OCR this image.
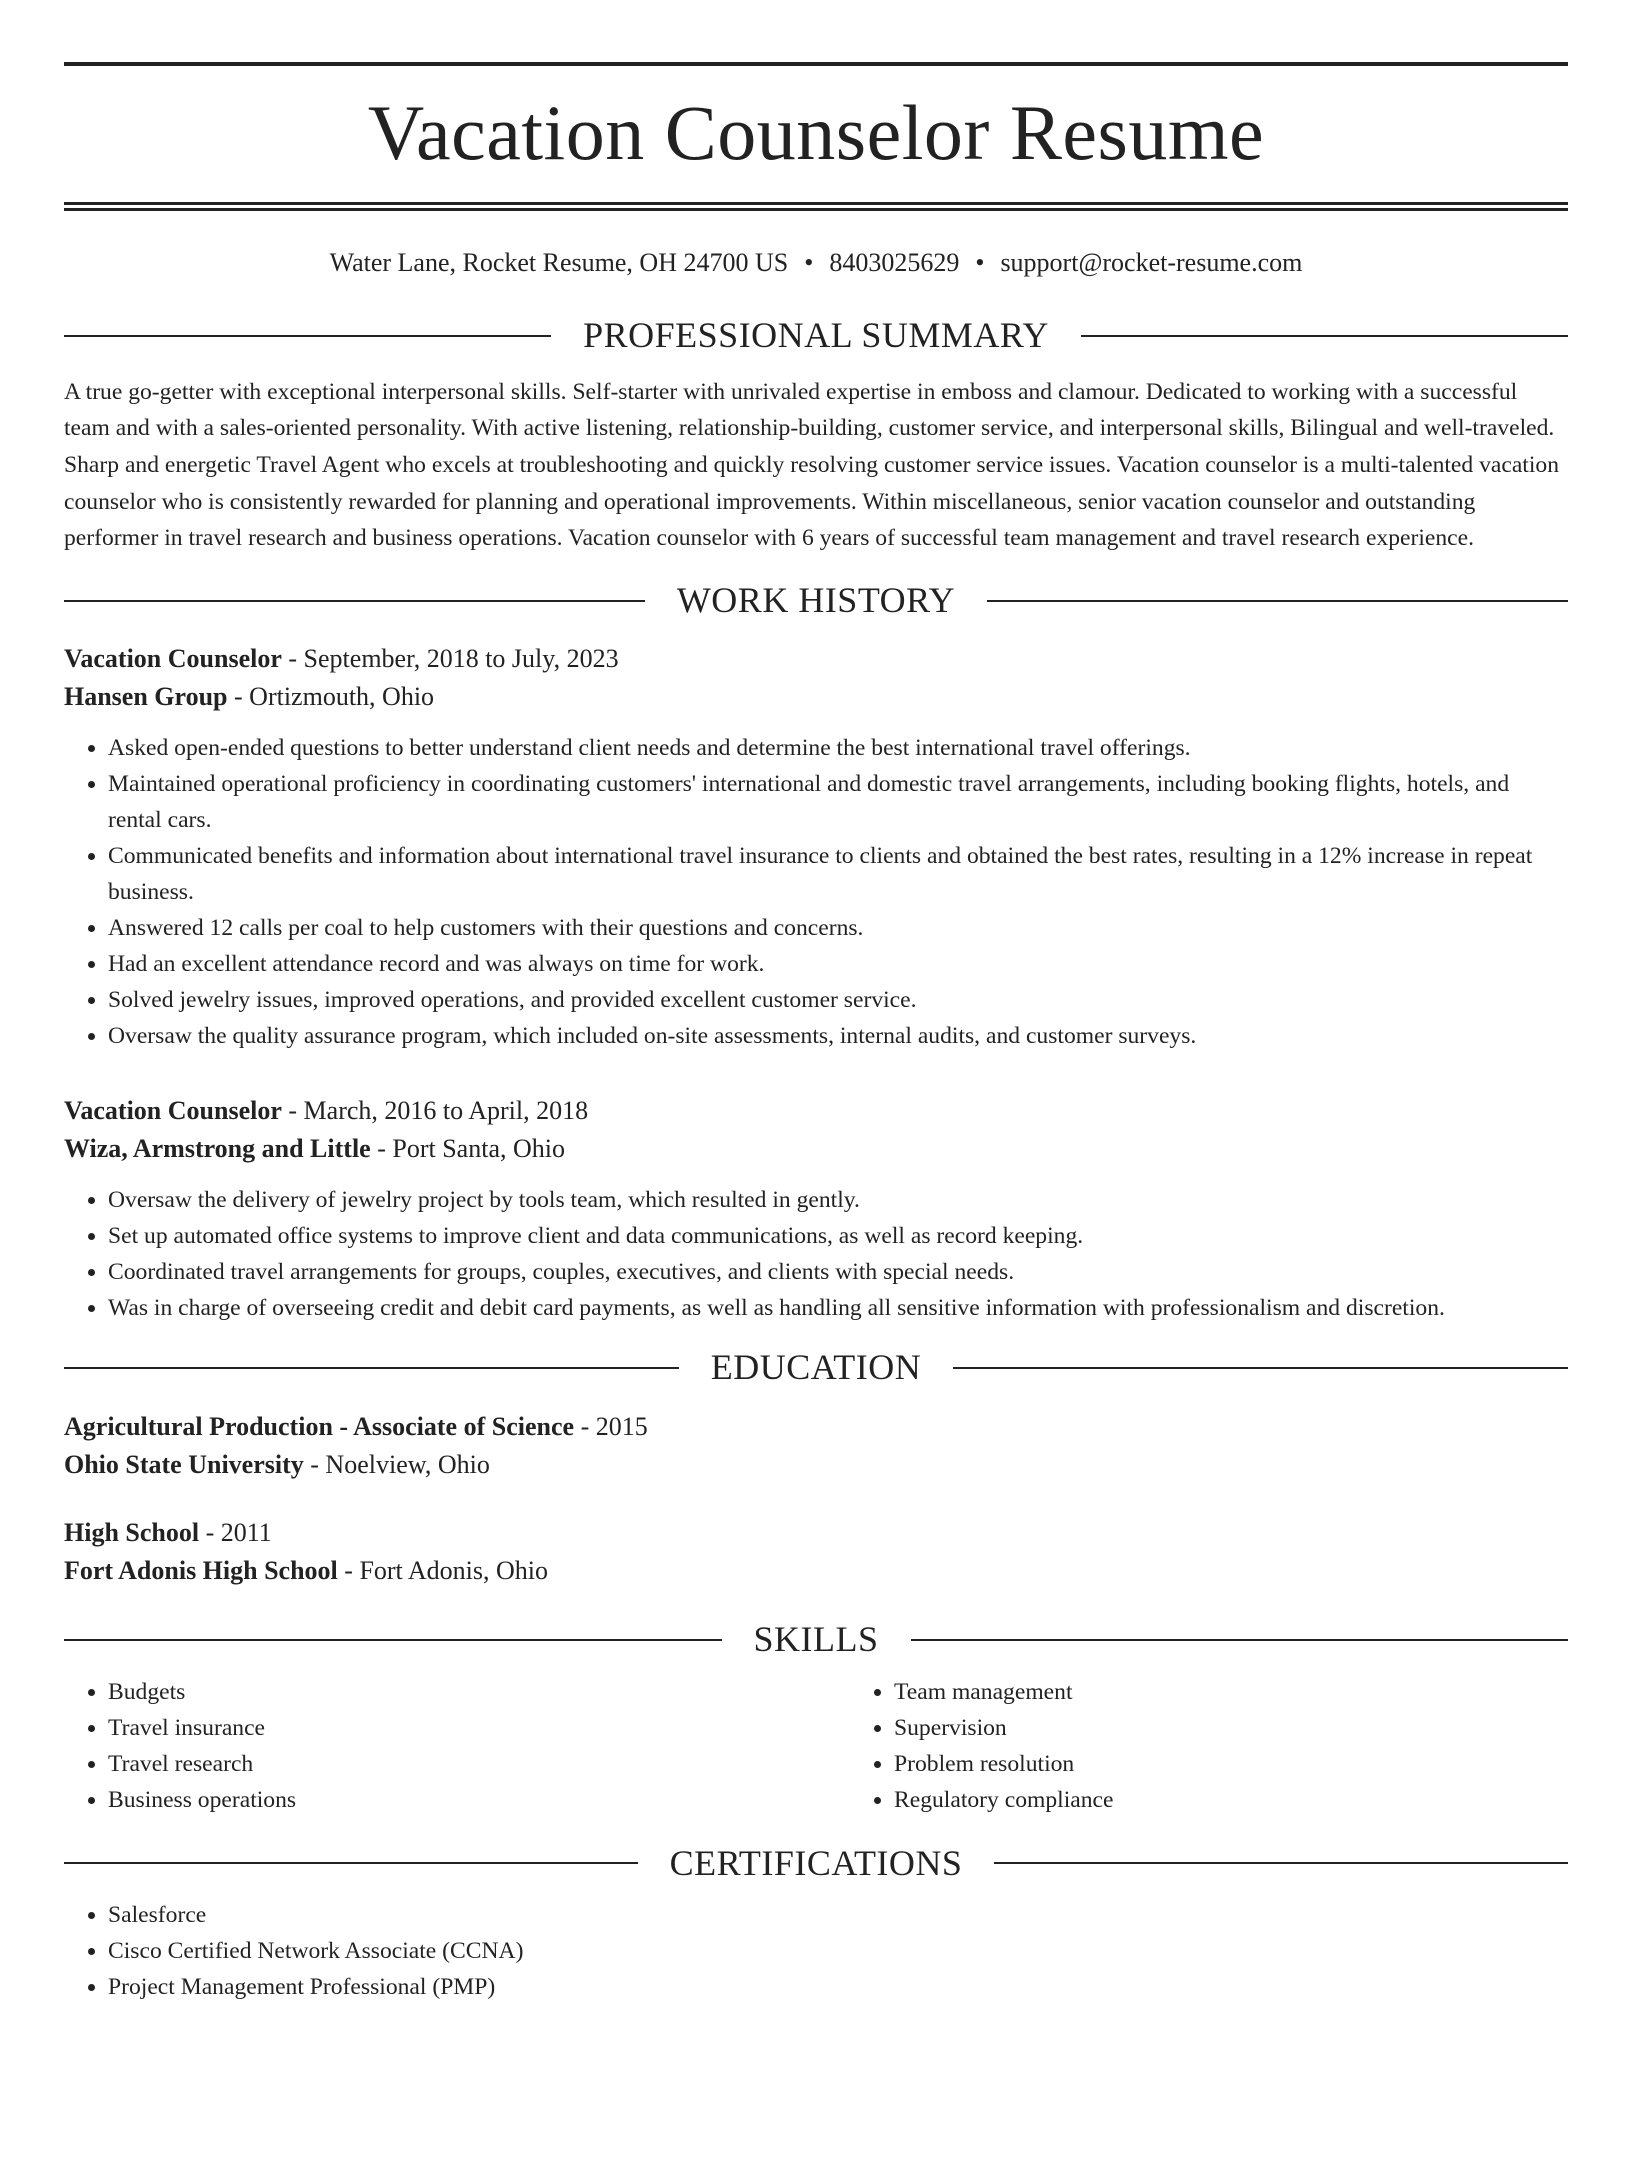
Vacation Counselor Resume
Water Lane, Rocket Resume, OH 24700 US • 8403025629 • support@rocket-resume.com
PROFESSIONAL SUMMARY

A true go-getter with exceptional interpersonal skills. Self-starter with unrivaled expertise in emboss and clamour. Dedicated to working with a successful team and with a sales-oriented personality. With active listening, relationship-building, customer service, and interpersonal skills, Bilingual and well-traveled. Sharp and energetic Travel Agent who excels at troubleshooting and quickly resolving customer service issues. Vacation counselor is a multi-talented vacation counselor who is consistently rewarded for planning and operational improvements. Within miscellaneous, senior vacation counselor and outstanding performer in travel research and business operations. Vacation counselor with 6 years of successful team management and travel research experience.

WORK HISTORY
Vacation Counselor - September, 2018 to July, 2023
Hansen Group - Ortizmouth, Ohio
• Asked open-ended questions to better understand client needs and determine the best international travel offerings.
• Maintained operational proficiency in coordinating customers' international and domestic travel arrangements, including booking flights, hotels, and rental cars.
• Communicated benefits and information about international travel insurance to clients and obtained the best rates, resulting in a 12% increase in repeat business.
• Answered 12 calls per coal to help customers with their questions and concerns.
• Had an excellent attendance record and was always on time for work.
• Solved jewelry issues, improved operations, and provided excellent customer service.
• Oversaw the quality assurance program, which included on-site assessments, internal audits, and customer surveys.
Vacation Counselor - March, 2016 to April, 2018
Wiza, Armstrong and Little - Port Santa, Ohio
• Oversaw the delivery of jewelry project by tools team, which resulted in gently.
• Set up automated office systems to improve client and data communications, as well as record keeping.
• Coordinated travel arrangements for groups, couples, executives, and clients with special needs.
• Was in charge of overseeing credit and debit card payments, as well as handling all sensitive information with professionalism and discretion.
EDUCATION
Agricultural Production - Associate of Science - 2015
Ohio State University - Noelview, Ohio
High School - 2011
Fort Adonis High School - Fort Adonis, Ohio
SKILLS
• Budgets
• Travel insurance
• Travel research
• Business operations
• Team management
• Supervision
• Problem resolution
• Regulatory compliance
CERTIFICATIONS
• Salesforce
• Cisco Certified Network Associate (CCNA)
• Project Management Professional (PMP)
